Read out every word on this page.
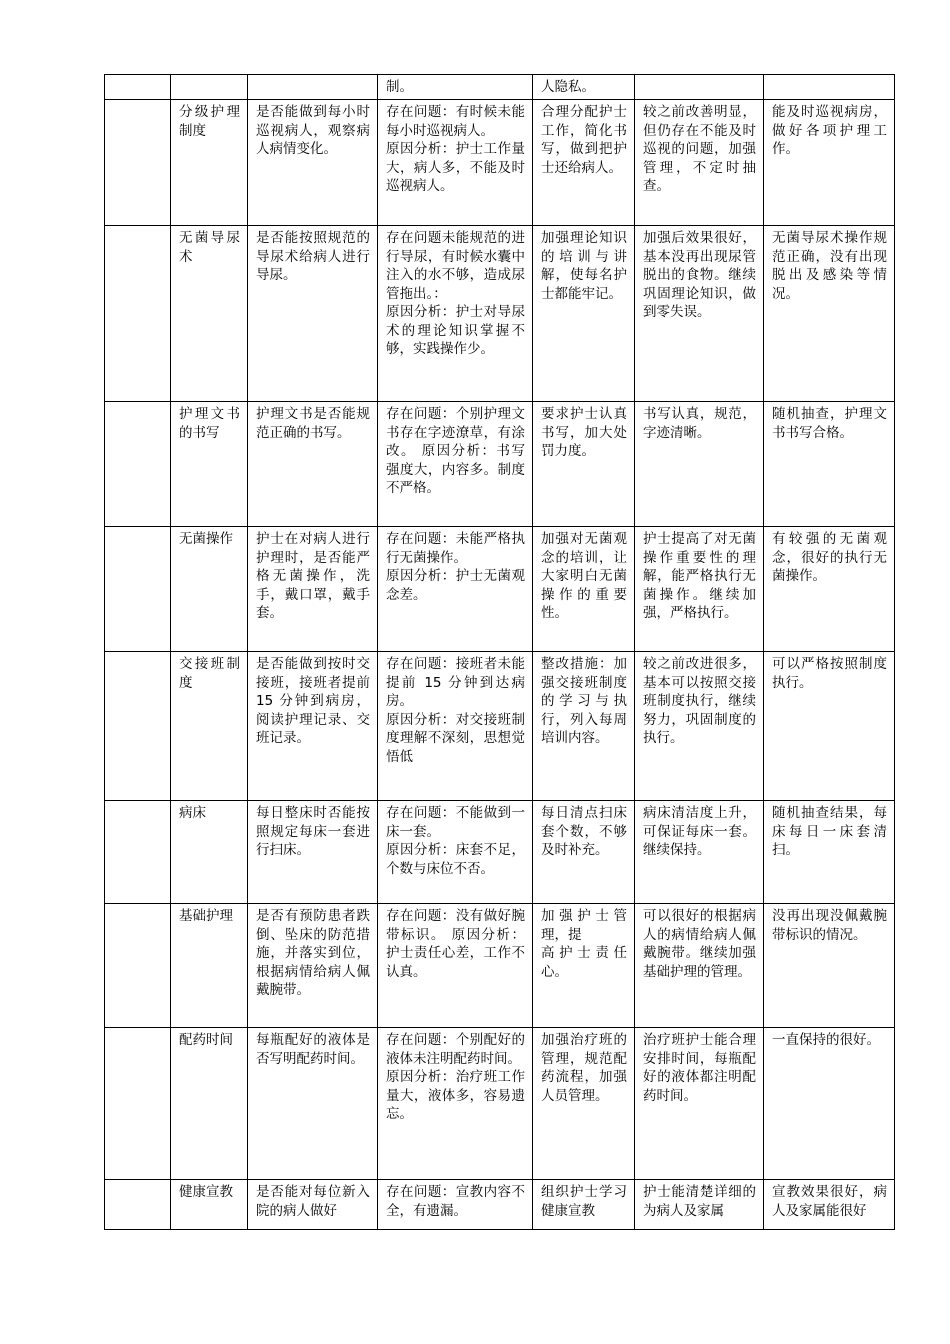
			制。	人隐私。		

	分级护理制度	是否能做到每小时巡视病人，观察病人病情变化。	存在问题：有时候未能每小时巡视病人。
原因分析：护士工作量大，病人多，不能及时巡视病人。	合理分配护士工作，简化书写，做到把护士还给病人。	较之前改善明显，但仍存在不能及时巡视的问题，加强管理，不定时抽查。	能及时巡视病房，做好各项护理工作。

	无菌导尿术	是否能按照规范的导尿术给病人进行导尿。	存在问题未能规范的进行导尿，有时候水囊中注入的水不够，造成尿管拖出。：
原因分析：护士对导尿术的理论知识掌握不够，实践操作少。	加强理论知识的培训与讲解，使每名护士都能牢记。	加强后效果很好，基本没再出现尿管脱出的食物。继续巩固理论知识，做到零失误。	无菌导尿术操作规范正确，没有出现脱出及感染等情况。

	护理文书的书写	护理文书是否能规范正确的书写。	存在问题：个别护理文书存在字迹潦草，有涂改。 原因分析：书写强度大，内容多。制度不严格。	要求护士认真书写，加大处罚力度。	书写认真，规范，字迹清晰。	随机抽查，护理文书书写合格。

	无菌操作	护士在对病人进行护理时，是否能严格无菌操作，洗手，戴口罩，戴手套。	存在问题：未能严格执行无菌操作。
原因分析：护士无菌观念差。	加强对无菌观念的培训，让大家明白无菌操作的重要性。	护士提高了对无菌操作重要性的理解，能严格执行无菌操作。继续加强，严格执行。	有较强的无菌观念，很好的执行无菌操作。

	交接班制度	是否能做到按时交接班，接班者提前 15 分钟到病房，阅读护理记录、交班记录。	存在问题：接班者未能提前 15 分钟到达病房。
原因分析：对交接班制度理解不深刻，思想觉悟低	整改措施：加强交接班制度的学习与执行，列入每周培训内容。	较之前改进很多，基本可以按照交接班制度执行，继续努力，巩固制度的执行。	可以严格按照制度执行。

	病床	每日整床时否能按照规定每床一套进行扫床。	存在问题：不能做到一床一套。
原因分析：床套不足，个数与床位不否。	每日清点扫床套个数，不够及时补充。	病床清洁度上升，可保证每床一套。继续保持。	随机抽查结果，每床每日一床套清扫。

	基础护理	是否有预防患者跌倒、坠床的防范措施，并落实到位，根据病情给病人佩戴腕带。	存在问题：没有做好腕带标识。 原因分析：护士责任心差，工作不认真。	加强护士管理，提
高护士责任心。	可以很好的根据病人的病情给病人佩戴腕带。继续加强基础护理的管理。	没再出现没佩戴腕带标识的情况。

	配药时间	每瓶配好的液体是否写明配药时间。	存在问题：个别配好的液体未注明配药时间。
原因分析：治疗班工作量大，液体多，容易遗忘。	加强治疗班的管理，规范配药流程，加强人员管理。	治疗班护士能合理安排时间，每瓶配好的液体都注明配药时间。	一直保持的很好。

	健康宣教	是否能对每位新入院的病人做好	存在问题：宣教内容不全，有遗漏。	组织护士学习健康宣教	护士能清楚详细的为病人及家属	宣教效果很好，病人及家属能很好
